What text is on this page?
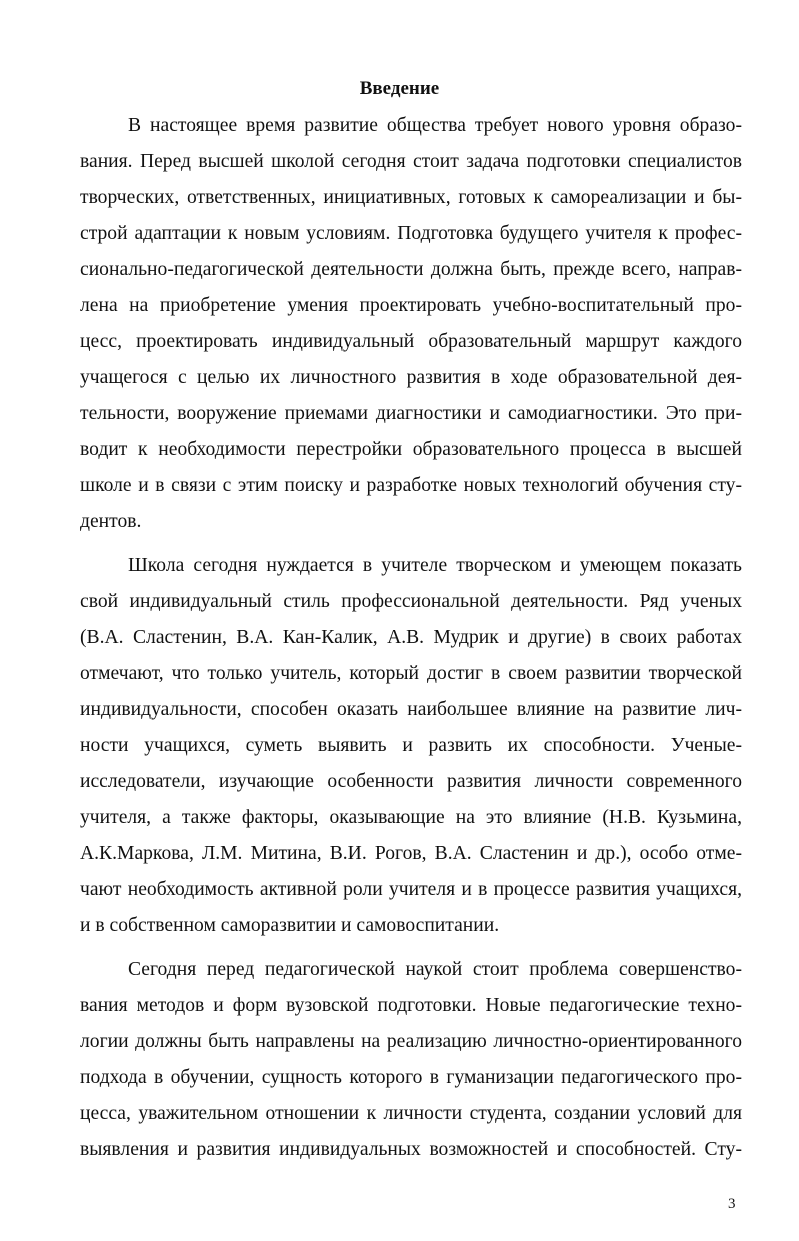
Введение
В настоящее время развитие общества требует нового уровня образо-
вания. Перед высшей школой сегодня стоит задача подготовки специалистов
творческих, ответственных, инициативных, готовых к самореализации и бы-
строй адаптации к новым условиям. Подготовка будущего учителя к профес-
сионально-педагогической деятельности должна быть, прежде всего, направ-
лена на приобретение умения проектировать учебно-воспитательный про-
цесс, проектировать индивидуальный образовательный маршрут каждого
учащегося с целью их личностного развития в ходе образовательной дея-
тельности, вооружение приемами диагностики и самодиагностики. Это при-
водит к необходимости перестройки образовательного процесса в высшей
школе и в связи с этим поиску и разработке новых технологий обучения сту-
дентов.
Школа сегодня нуждается в учителе творческом и умеющем показать
свой индивидуальный стиль профессиональной деятельности. Ряд ученых
(В.А. Сластенин, В.А. Кан-Калик, А.В. Мудрик и другие) в своих работах
отмечают, что только учитель, который достиг в своем развитии творческой
индивидуальности, способен оказать наибольшее влияние на развитие лич-
ности учащихся, суметь выявить и развить их способности. Ученые-
исследователи, изучающие особенности развития личности современного
учителя, а также факторы, оказывающие на это влияние (Н.В. Кузьмина,
А.К.Маркова, Л.М. Митина, В.И. Рогов, В.А. Сластенин и др.), особо отме-
чают необходимость активной роли учителя и в процессе развития учащихся,
и в собственном саморазвитии и самовоспитании.
Сегодня перед педагогической наукой стоит проблема совершенство-
вания методов и форм вузовской подготовки. Новые педагогические техно-
логии должны быть направлены на реализацию личностно-ориентированного
подхода в обучении, сущность которого в гуманизации педагогического про-
цесса, уважительном отношении к личности студента, создании условий для
выявления и развития индивидуальных возможностей и способностей. Сту-
3
